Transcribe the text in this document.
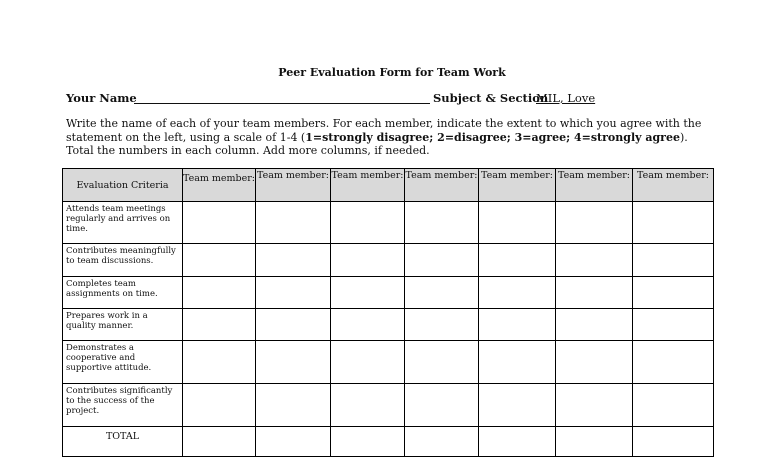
Peer Evaluation Form for Team Work
Your Name	Subject & Section
MIL, Love
Write the name of each of your team members. For each member, indicate the extent to which you agree with the statement on the left, using a scale of 1-4 (1=strongly disagree; 2=disagree; 3=agree; 4=strongly agree). Total the numbers in each column. Add more columns, if needed.
Evaluation Criteria	Team member:	Team member:	Team member:	Team member:	Team member:	Team member:	Team member:

Attends team meetings regularly and arrives on time.							
Contributes meaningfully to team discussions.							
Completes team assignments on time.							
Prepares work in a quality manner.							
Demonstrates a cooperative and supportive attitude.							
Contributes significantly to the success of the project.							
TOTAL							
